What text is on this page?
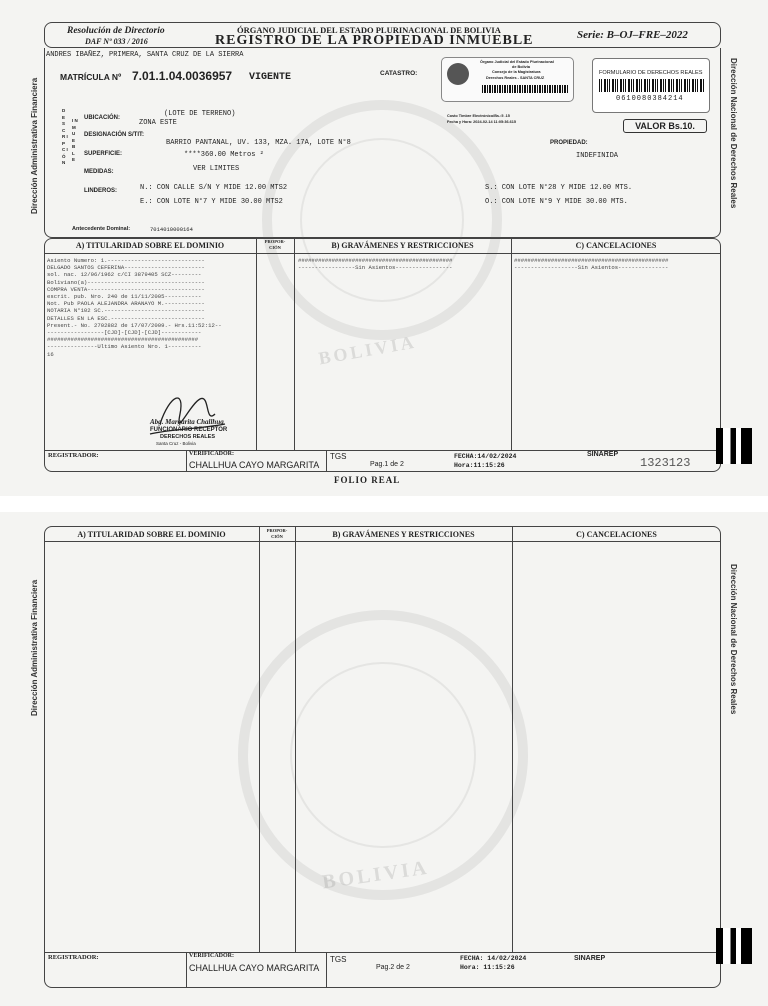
Dirección Administrativa Financiera	Dirección Nacional de Derechos Reales
Resolución de Directorio
DAF Nº 033 / 2016
ÓRGANO JUDICIAL DEL ESTADO PLURINACIONAL DE BOLIVIA
REGISTRO DE LA PROPIEDAD INMUEBLE	Serie: B–OJ–FRE–2022
BOLIVIA
ANDRES IBAÑEZ, PRIMERA, SANTA CRUZ DE LA SIERRA
MATRÍCULA Nº 7.01.1.04.0036957 VIGENTE	CATASTRO:
Órgano Judicial del Estado Plurinacional
de Bolivia
Consejo de la Magistratura
Derechos Reales - SANTA CRUZ
Costo Timbre Electrónico/Bs.:5 .15
Fecha y Hora: 2024-02-14 11:05:36.615
FORMULARIO DE DERECHOS REALES
0610080384214
VALOR Bs.10.
D E S C R I P C I Ó N
I N M U E B L E
UBICACIÓN:	(LOTE DE TERRENO)
ZONA ESTE
DESIGNACIÓN S/TIT:
BARRIO PANTANAL, UV. 133, MZA. 17A, LOTE N°8
SUPERFICIE:	****360.00 Metros ²
MEDIDAS:	VER LIMITES
LINDEROS:	N.: CON CALLE S/N Y MIDE 12.00 MTS2
E.: CON LOTE N°7 Y MIDE 30.00 MTS2
S.: CON LOTE N°28 Y MIDE 12.00 MTS.
O.: CON LOTE N°9 Y MIDE 30.00 MTS.
PROPIEDAD:
INDEFINIDA
Antecedente Dominal:	7014010000164
A) TITULARIDAD SOBRE EL DOMINIO	PROPOR-
CIÓN	B) GRAVÁMENES Y RESTRICCIONES	C) CANCELACIONES
Asiento Numero: 1.-----------------------------
DELGADO SANTOS CEFERINA------------------------
sol. nac. 12/06/1962 c/CI 3879405 SCZ---------
Boliviano(a)-----------------------------------
COMPRA VENTA-----------------------------------
escrit. pub. Nro. 240 de 11/11/2005-----------
Not. Pub PAOLA ALEJANDRA ARANAYO M.------------
NOTARIA N°102 SC.------------------------------
DETALLES EN LA ESC.----------------------------
Present.- No. 2702882 de 17/07/2009.- Hrs.11:52:12--
-----------------[CJD]-[CJD]-[CJD]------------
#############################################
---------------Ultimo Asiento Nro. 1----------
16
##############################################
-----------------Sin Asientos-----------------
##############################################
-------------------Sin Asientos---------------
Abg. Margarita Challhua
FUNCIONARIO RECEPTOR
DERECHOS REALES
Santa Cruz - Bolivia
REGISTRADOR:	VERIFICADOR:
CHALLHUA CAYO MARGARITA
TGS
Pag.1 de 2
FECHA:14/02/2024
Hora:11:15:26
SINAREP
1323123
FOLIO REAL
Dirección Administrativa Financiera	Dirección Nacional de Derechos Reales
BOLIVIA
A) TITULARIDAD SOBRE EL DOMINIO	PROPOR-
CIÓN	B) GRAVÁMENES Y RESTRICCIONES	C) CANCELACIONES
REGISTRADOR:	VERIFICADOR:
CHALLHUA CAYO MARGARITA
TGS
Pag.2 de 2
FECHA: 14/02/2024
Hora: 11:15:26
SINAREP
